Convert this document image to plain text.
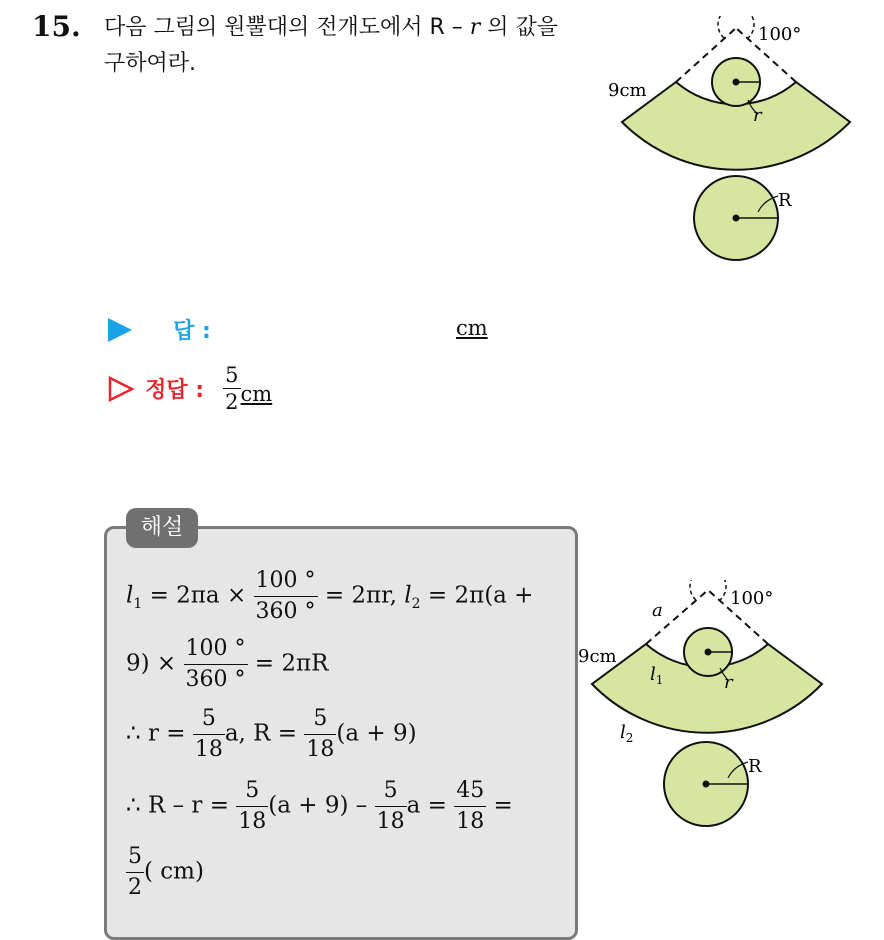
15. 다음 그림의 원뿔대의 전개도에서 R – r 의 값을 구하여라.
100°
9cm
r
R
답 :	cm
정답 : $\frac{5}{2}$ cm
해설
$l_1 = 2\pi a \times \frac{100 ^\circ}{360 ^\circ} = 2\pi r$, $l_2 = 2\pi(a$ +
$9) \times \frac{100 ^\circ}{360 ^\circ} = 2\pi R$
∴ $r = \frac{5}{18} a$, $R = \frac{5}{18} (a + 9)$
∴ $R - r = \frac{5}{18} (a + 9) - \frac{5}{18}$ $a = \frac{45}{18}$ =
$\frac{5}{2}$ ( cm)
100°
a
9cm
$l_1$
$l_2$
r
R
